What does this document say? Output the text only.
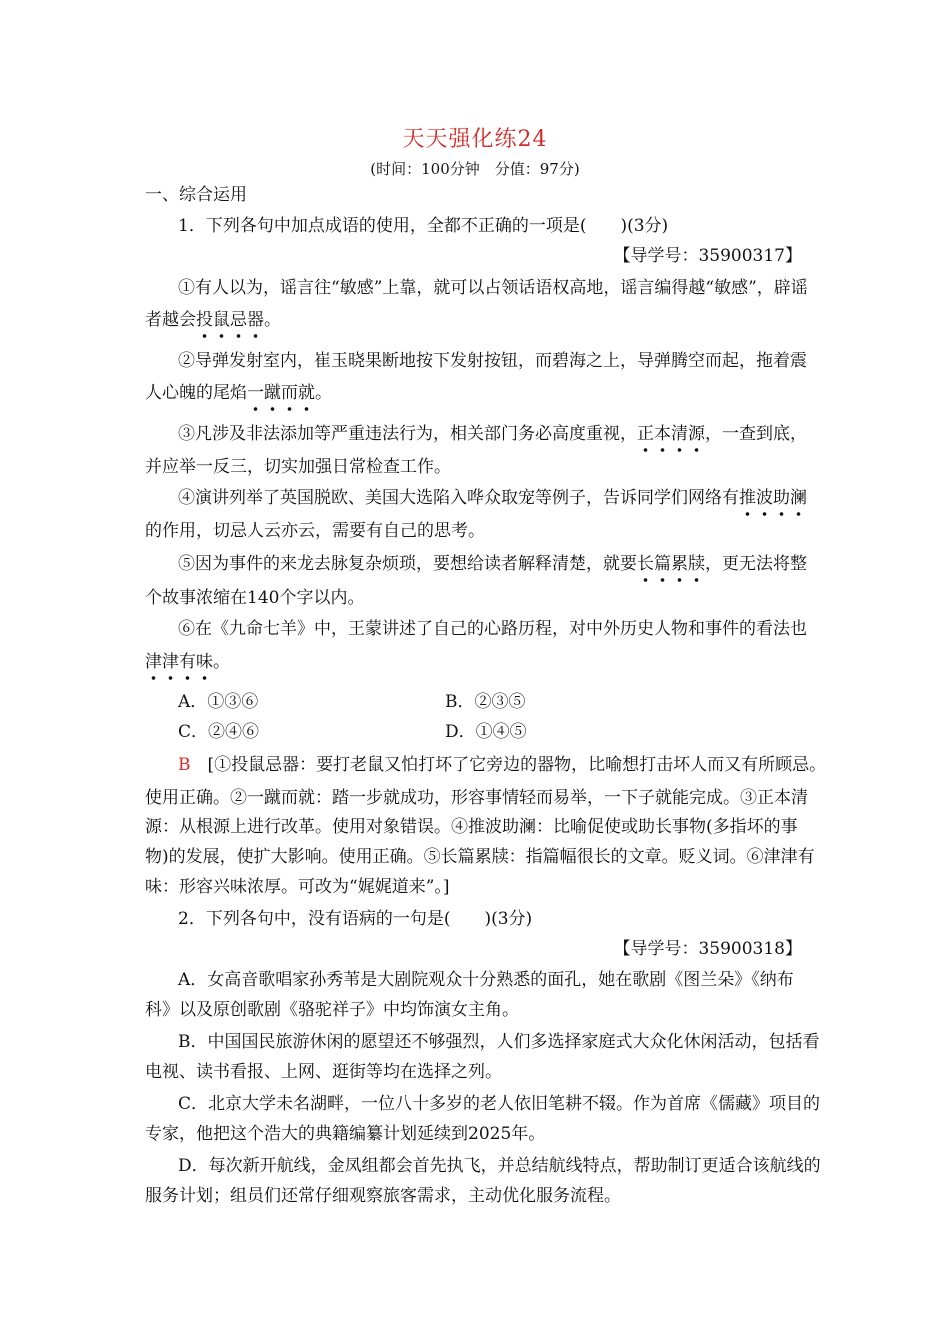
天天强化练24
(时间：100分钟　分值：97分)
一、综合运用
1．下列各句中加点成语的使用，全都不正确的一项是(　　)(3分)
【导学号：35900317】
①有人以为，谣言往“敏感”上靠，就可以占领话语权高地，谣言编得越“敏感”，辟谣
者越会投鼠忌器。
②导弹发射室内，崔玉晓果断地按下发射按钮，而碧海之上，导弹腾空而起，拖着震
人心魄的尾焰一蹴而就。
③凡涉及非法添加等严重违法行为，相关部门务必高度重视，正本清源，一查到底，
并应举一反三，切实加强日常检查工作。
④演讲列举了英国脱欧、美国大选陷入哗众取宠等例子，告诉同学们网络有推波助澜
的作用，切忌人云亦云，需要有自己的思考。
⑤因为事件的来龙去脉复杂烦琐，要想给读者解释清楚，就要长篇累牍，更无法将整
个故事浓缩在140个字以内。
⑥在《九命七羊》中，王蒙讲述了自己的心路历程，对中外历史人物和事件的看法也
津津有味。
A．①③⑥	B．②③⑤
C．②④⑥	D．①④⑤
B　 [①投鼠忌器：要打老鼠又怕打坏了它旁边的器物，比喻想打击坏人而又有所顾忌。
使用正确。②一蹴而就：踏一步就成功，形容事情轻而易举，一下子就能完成。③正本清
源：从根源上进行改革。使用对象错误。④推波助澜：比喻促使或助长事物(多指坏的事
物)的发展，使扩大影响。使用正确。⑤长篇累牍：指篇幅很长的文章。贬义词。⑥津津有
味：形容兴味浓厚。可改为“娓娓道来”。]
2．下列各句中，没有语病的一句是(　　)(3分)
【导学号：35900318】
A．女高音歌唱家孙秀苇是大剧院观众十分熟悉的面孔，她在歌剧《图兰朵》《纳布
科》以及原创歌剧《骆驼祥子》中均饰演女主角。
B．中国国民旅游休闲的愿望还不够强烈，人们多选择家庭式大众化休闲活动，包括看
电视、读书看报、上网、逛街等均在选择之列。
C．北京大学未名湖畔，一位八十多岁的老人依旧笔耕不辍。作为首席《儒藏》项目的
专家，他把这个浩大的典籍编纂计划延续到2025年。
D．每次新开航线，金凤组都会首先执飞，并总结航线特点，帮助制订更适合该航线的
服务计划；组员们还常仔细观察旅客需求，主动优化服务流程。
